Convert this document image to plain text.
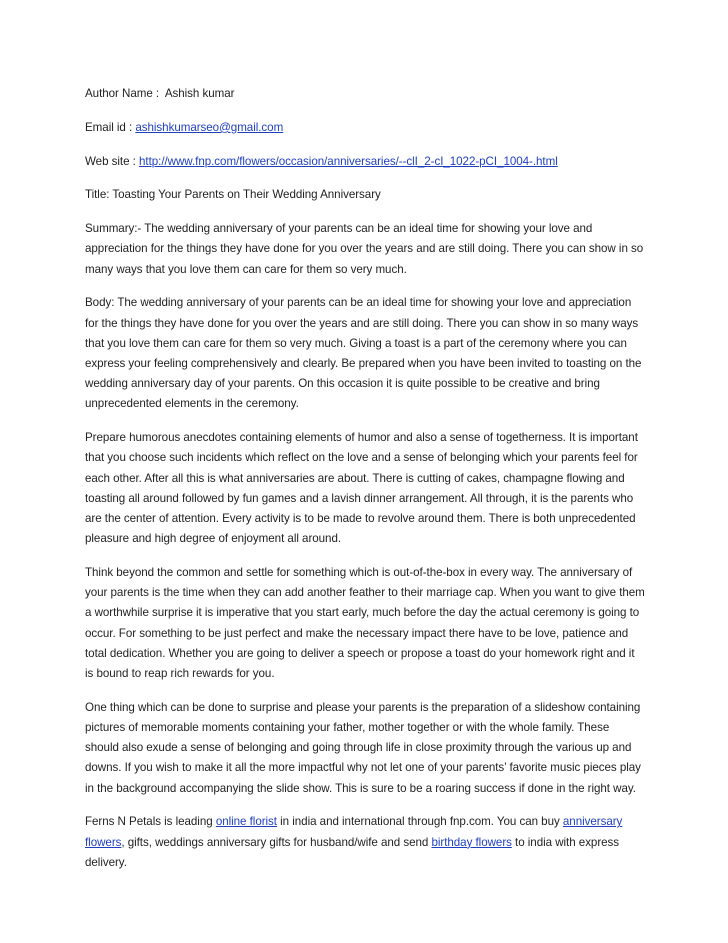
Author Name : Ashish kumar

Email id : ashishkumarseo@gmail.com

Web site : http://www.fnp.com/flowers/occasion/anniversaries/--clI_2-cI_1022-pCI_1004-.html

Title: Toasting Your Parents on Their Wedding Anniversary

Summary:- The wedding anniversary of your parents can be an ideal time for showing your love and appreciation for the things they have done for you over the years and are still doing. There you can show in so many ways that you love them can care for them so very much.

Body: The wedding anniversary of your parents can be an ideal time for showing your love and appreciation for the things they have done for you over the years and are still doing. There you can show in so many ways that you love them can care for them so very much. Giving a toast is a part of the ceremony where you can express your feeling comprehensively and clearly. Be prepared when you have been invited to toasting on the wedding anniversary day of your parents. On this occasion it is quite possible to be creative and bring unprecedented elements in the ceremony.

Prepare humorous anecdotes containing elements of humor and also a sense of togetherness. It is important that you choose such incidents which reflect on the love and a sense of belonging which your parents feel for each other. After all this is what anniversaries are about. There is cutting of cakes, champagne flowing and toasting all around followed by fun games and a lavish dinner arrangement. All through, it is the parents who are the center of attention. Every activity is to be made to revolve around them. There is both unprecedented pleasure and high degree of enjoyment all around.

Think beyond the common and settle for something which is out-of-the-box in every way. The anniversary of your parents is the time when they can add another feather to their marriage cap. When you want to give them a worthwhile surprise it is imperative that you start early, much before the day the actual ceremony is going to occur. For something to be just perfect and make the necessary impact there have to be love, patience and total dedication. Whether you are going to deliver a speech or propose a toast do your homework right and it is bound to reap rich rewards for you.

One thing which can be done to surprise and please your parents is the preparation of a slideshow containing pictures of memorable moments containing your father, mother together or with the whole family. These should also exude a sense of belonging and going through life in close proximity through the various up and downs. If you wish to make it all the more impactful why not let one of your parents’ favorite music pieces play in the background accompanying the slide show. This is sure to be a roaring success if done in the right way.

Ferns N Petals is leading online florist in india and international through fnp.com. You can buy anniversary flowers, gifts, weddings anniversary gifts for husband/wife and send birthday flowers to india with express delivery.
